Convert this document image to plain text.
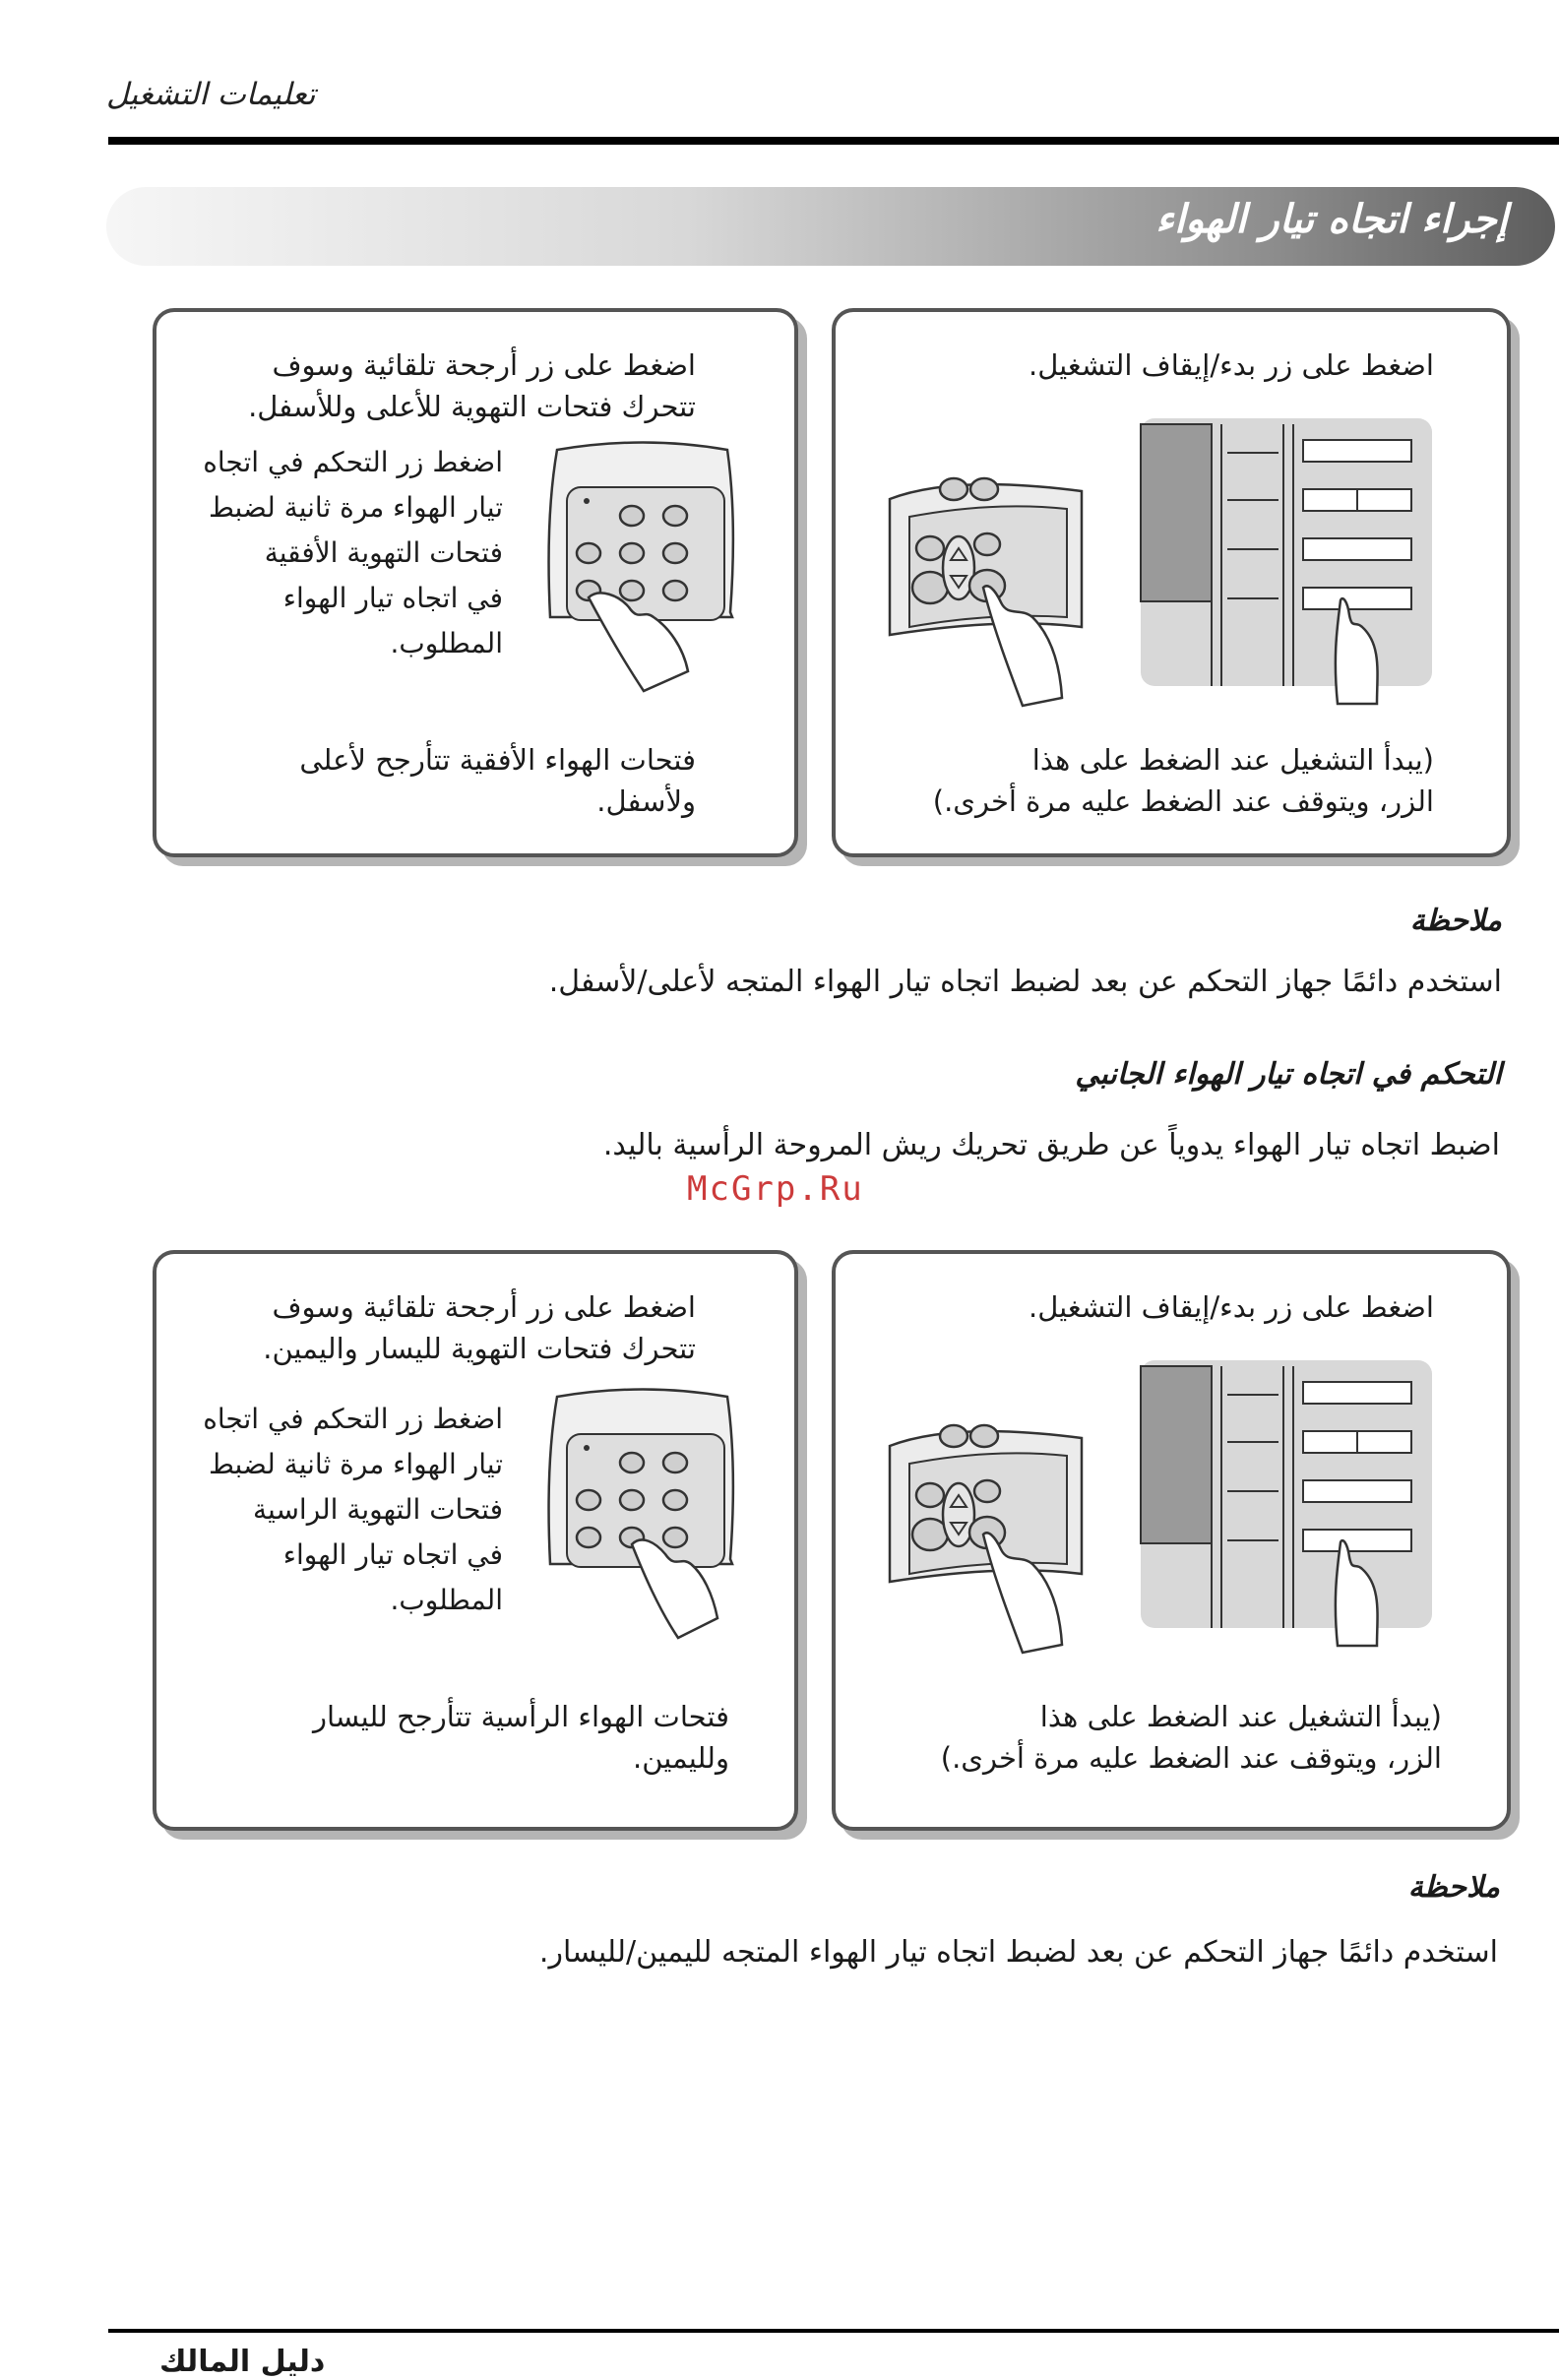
تعليمات التشغيل
إجراء اتجاه تيار الهواء
اضغط على زر بدء/إيقاف التشغيل.
(يبدأ التشغيل عند الضغط على هذا
الزر، ويتوقف عند الضغط عليه مرة أخرى.)
اضغط على زر أرجحة تلقائية وسوف
تتحرك فتحات التهوية للأعلى وللأسفل.
اضغط زر التحكم في اتجاه
تيار الهواء مرة ثانية لضبط
فتحات التهوية الأفقية
في اتجاه تيار الهواء
المطلوب.
فتحات الهواء الأفقية تتأرجح لأعلى
ولأسفل.
ملاحظة
استخدم دائمًا جهاز التحكم عن بعد لضبط اتجاه تيار الهواء المتجه لأعلى/لأسفل.
التحكم في اتجاه تيار الهواء الجانبي
اضبط اتجاه تيار الهواء يدوياً عن طريق تحريك ريش المروحة الرأسية باليد.
McGrp.Ru
اضغط على زر بدء/إيقاف التشغيل.
(يبدأ التشغيل عند الضغط على هذا
الزر، ويتوقف عند الضغط عليه مرة أخرى.)
اضغط على زر أرجحة تلقائية وسوف
تتحرك فتحات التهوية لليسار واليمين.
اضغط زر التحكم في اتجاه
تيار الهواء مرة ثانية لضبط
فتحات التهوية الراسية
في اتجاه تيار الهواء
المطلوب.
فتحات الهواء الرأسية تتأرجح لليسار
ولليمين.
ملاحظة
استخدم دائمًا جهاز التحكم عن بعد لضبط اتجاه تيار الهواء المتجه لليمين/لليسار.
دليل المالك
